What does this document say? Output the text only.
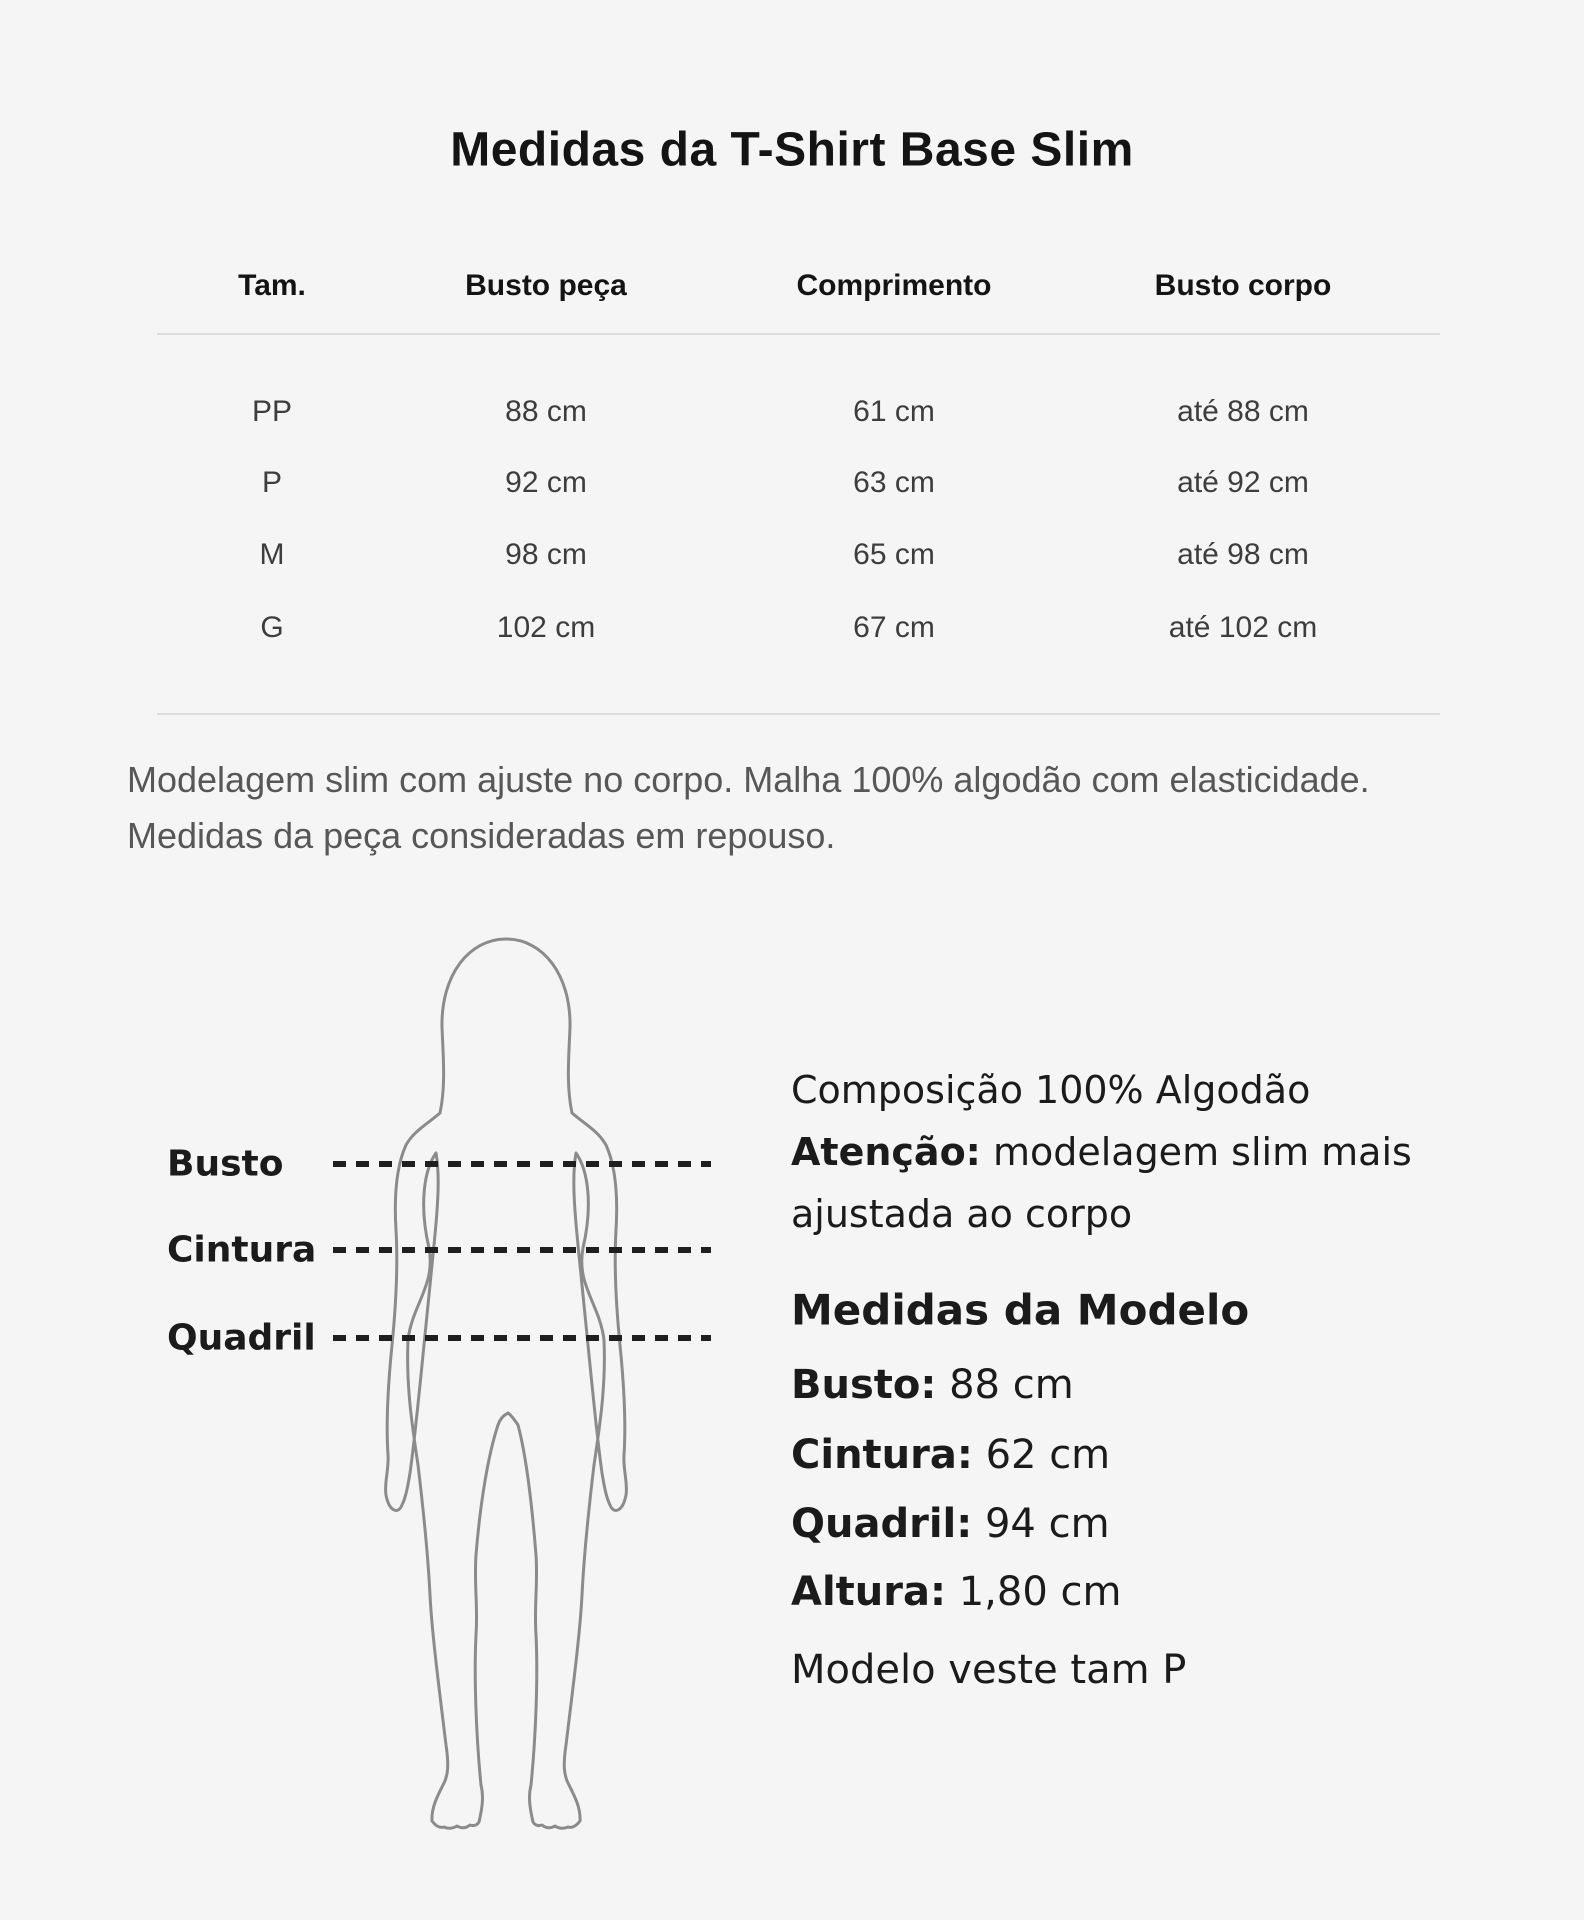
Medidas da T-Shirt Base Slim
Tam.	Busto peça	Comprimento	Busto corpo
PP	88 cm	61 cm	até 88 cm
P	92 cm	63 cm	até 92 cm
M	98 cm	65 cm	até 98 cm
G	102 cm	67 cm	até 102 cm
Modelagem slim com ajuste no corpo. Malha 100% algodão com elasticidade.
Medidas da peça consideradas em repouso.
Busto
Cintura
Quadril
Composição 100% Algodão
Atenção: modelagem slim mais
ajustada ao corpo
Medidas da Modelo
Busto: 88 cm
Cintura: 62 cm
Quadril: 94 cm
Altura: 1,80 cm
Modelo veste tam P
